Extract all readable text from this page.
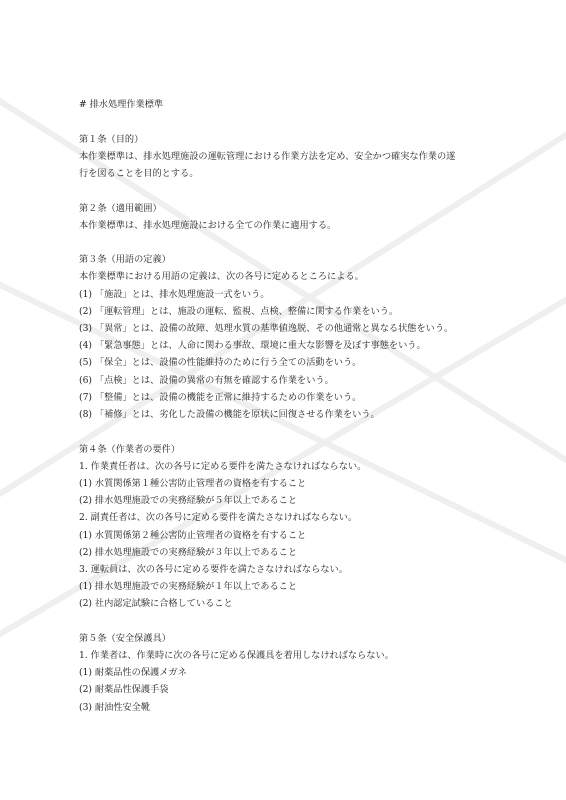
# 排水処理作業標準
第１条（目的）
本作業標準は、排水処理施設の運転管理における作業方法を定め、安全かつ確実な作業の遂
行を図ることを目的とする。
第２条（適用範囲）
本作業標準は、排水処理施設における全ての作業に適用する。
第３条（用語の定義）
本作業標準における用語の定義は、次の各号に定めるところによる。
(1) 「施設」とは、排水処理施設一式をいう。
(2) 「運転管理」とは、施設の運転、監視、点検、整備に関する作業をいう。
(3) 「異常」とは、設備の故障、処理水質の基準値逸脱、その他通常と異なる状態をいう。
(4) 「緊急事態」とは、人命に関わる事故、環境に重大な影響を及ぼす事態をいう。
(5) 「保全」とは、設備の性能維持のために行う全ての活動をいう。
(6) 「点検」とは、設備の異常の有無を確認する作業をいう。
(7) 「整備」とは、設備の機能を正常に維持するための作業をいう。
(8) 「補修」とは、劣化した設備の機能を原状に回復させる作業をいう。
第４条（作業者の要件）
1. 作業責任者は、次の各号に定める要件を満たさなければならない。
(1) 水質関係第１種公害防止管理者の資格を有すること
(2) 排水処理施設での実務経験が５年以上であること
2. 副責任者は、次の各号に定める要件を満たさなければならない。
(1) 水質関係第２種公害防止管理者の資格を有すること
(2) 排水処理施設での実務経験が３年以上であること
3. 運転員は、次の各号に定める要件を満たさなければならない。
(1) 排水処理施設での実務経験が１年以上であること
(2) 社内認定試験に合格していること
第５条（安全保護具）
1. 作業者は、作業時に次の各号に定める保護具を着用しなければならない。
(1) 耐薬品性の保護メガネ
(2) 耐薬品性保護手袋
(3) 耐油性安全靴
